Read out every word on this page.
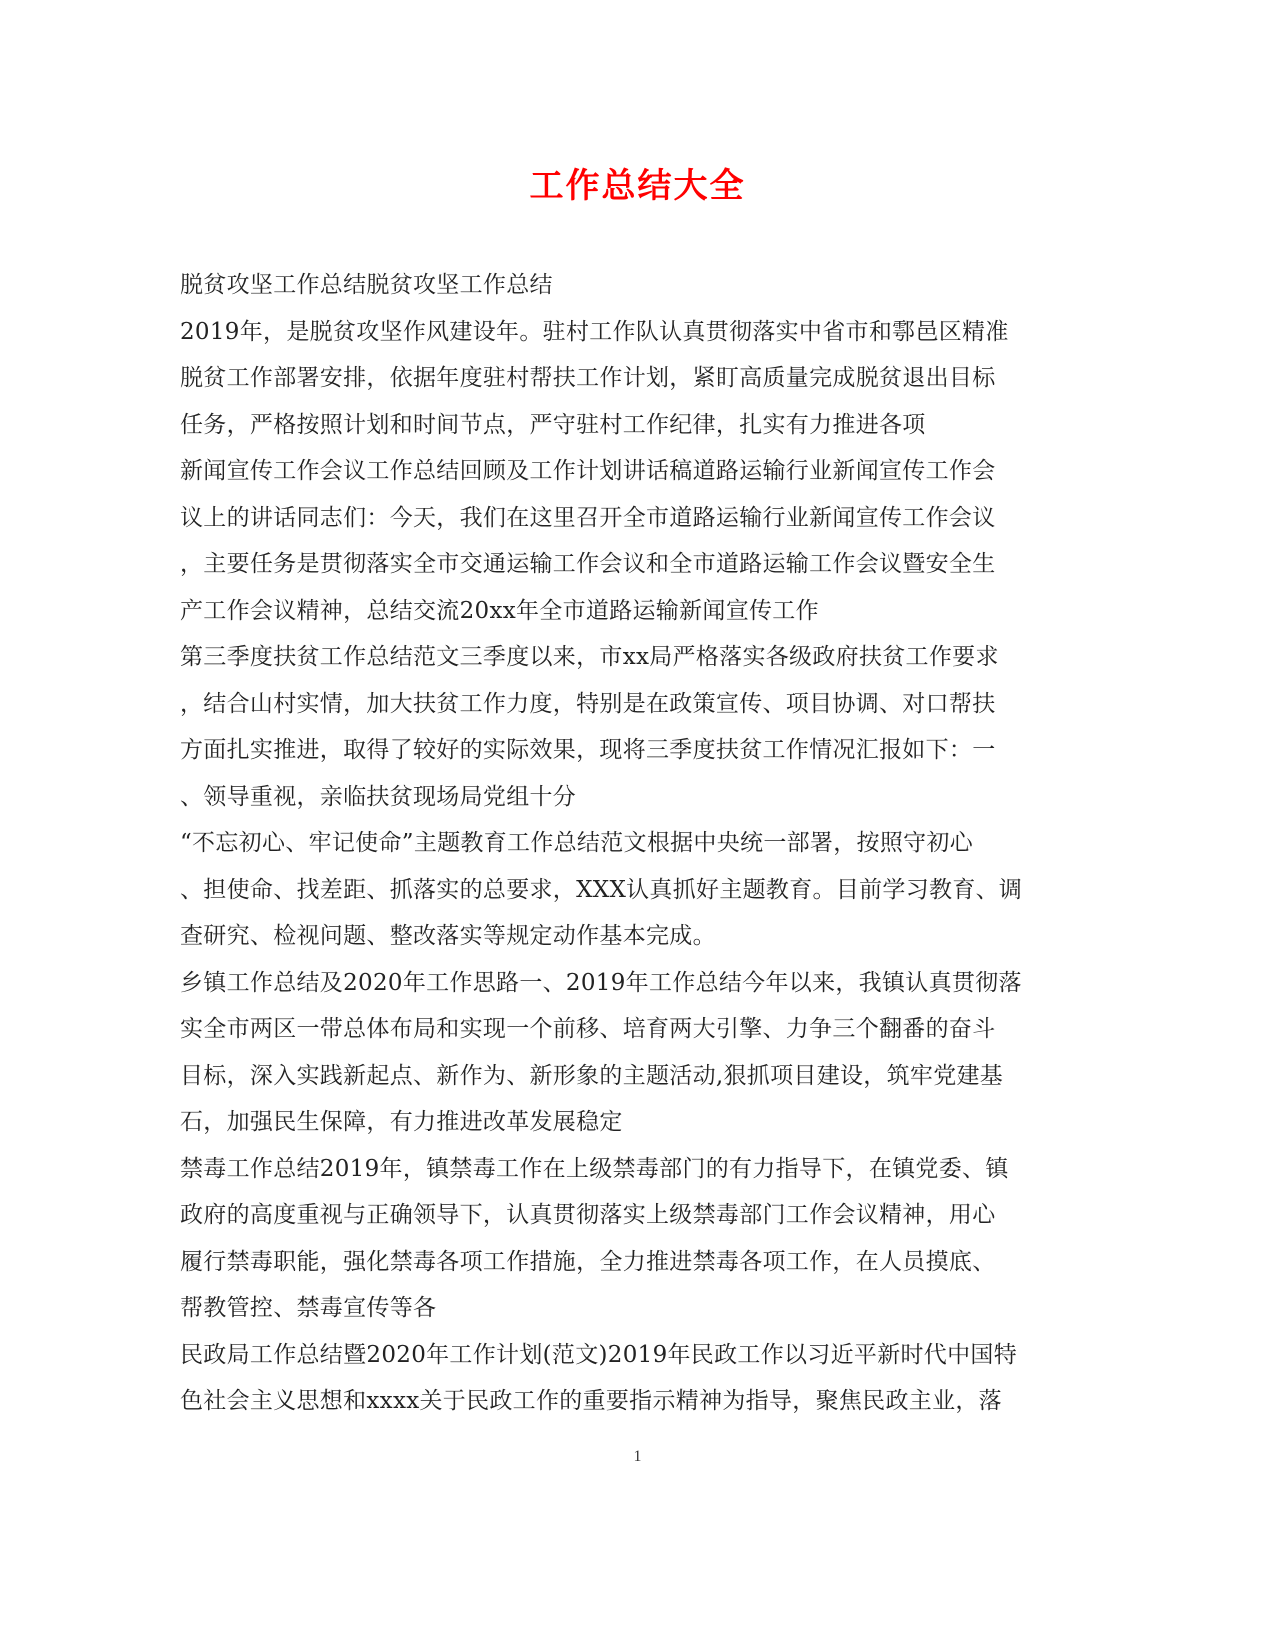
工作总结大全
脱贫攻坚工作总结脱贫攻坚工作总结
2019年，是脱贫攻坚作风建设年。驻村工作队认真贯彻落实中省市和鄠邑区精准
脱贫工作部署安排，依据年度驻村帮扶工作计划，紧盯高质量完成脱贫退出目标
任务，严格按照计划和时间节点，严守驻村工作纪律，扎实有力推进各项
新闻宣传工作会议工作总结回顾及工作计划讲话稿道路运输行业新闻宣传工作会
议上的讲话同志们：今天，我们在这里召开全市道路运输行业新闻宣传工作会议
，主要任务是贯彻落实全市交通运输工作会议和全市道路运输工作会议暨安全生
产工作会议精神，总结交流20xx年全市道路运输新闻宣传工作
第三季度扶贫工作总结范文三季度以来，市xx局严格落实各级政府扶贫工作要求
，结合山村实情，加大扶贫工作力度，特别是在政策宣传、项目协调、对口帮扶
方面扎实推进，取得了较好的实际效果，现将三季度扶贫工作情况汇报如下：一
、领导重视，亲临扶贫现场局党组十分
“不忘初心、牢记使命”主题教育工作总结范文根据中央统一部署，按照守初心
、担使命、找差距、抓落实的总要求，XXX认真抓好主题教育。目前学习教育、调
查研究、检视问题、整改落实等规定动作基本完成。
乡镇工作总结及2020年工作思路一、2019年工作总结今年以来，我镇认真贯彻落
实全市两区一带总体布局和实现一个前移、培育两大引擎、力争三个翻番的奋斗
目标，深入实践新起点、新作为、新形象的主题活动,狠抓项目建设，筑牢党建基
石，加强民生保障，有力推进改革发展稳定
禁毒工作总结2019年，镇禁毒工作在上级禁毒部门的有力指导下，在镇党委、镇
政府的高度重视与正确领导下，认真贯彻落实上级禁毒部门工作会议精神，用心
履行禁毒职能，强化禁毒各项工作措施，全力推进禁毒各项工作，在人员摸底、
帮教管控、禁毒宣传等各
民政局工作总结暨2020年工作计划(范文)2019年民政工作以习近平新时代中国特
色社会主义思想和xxxx关于民政工作的重要指示精神为指导，聚焦民政主业，落
1
